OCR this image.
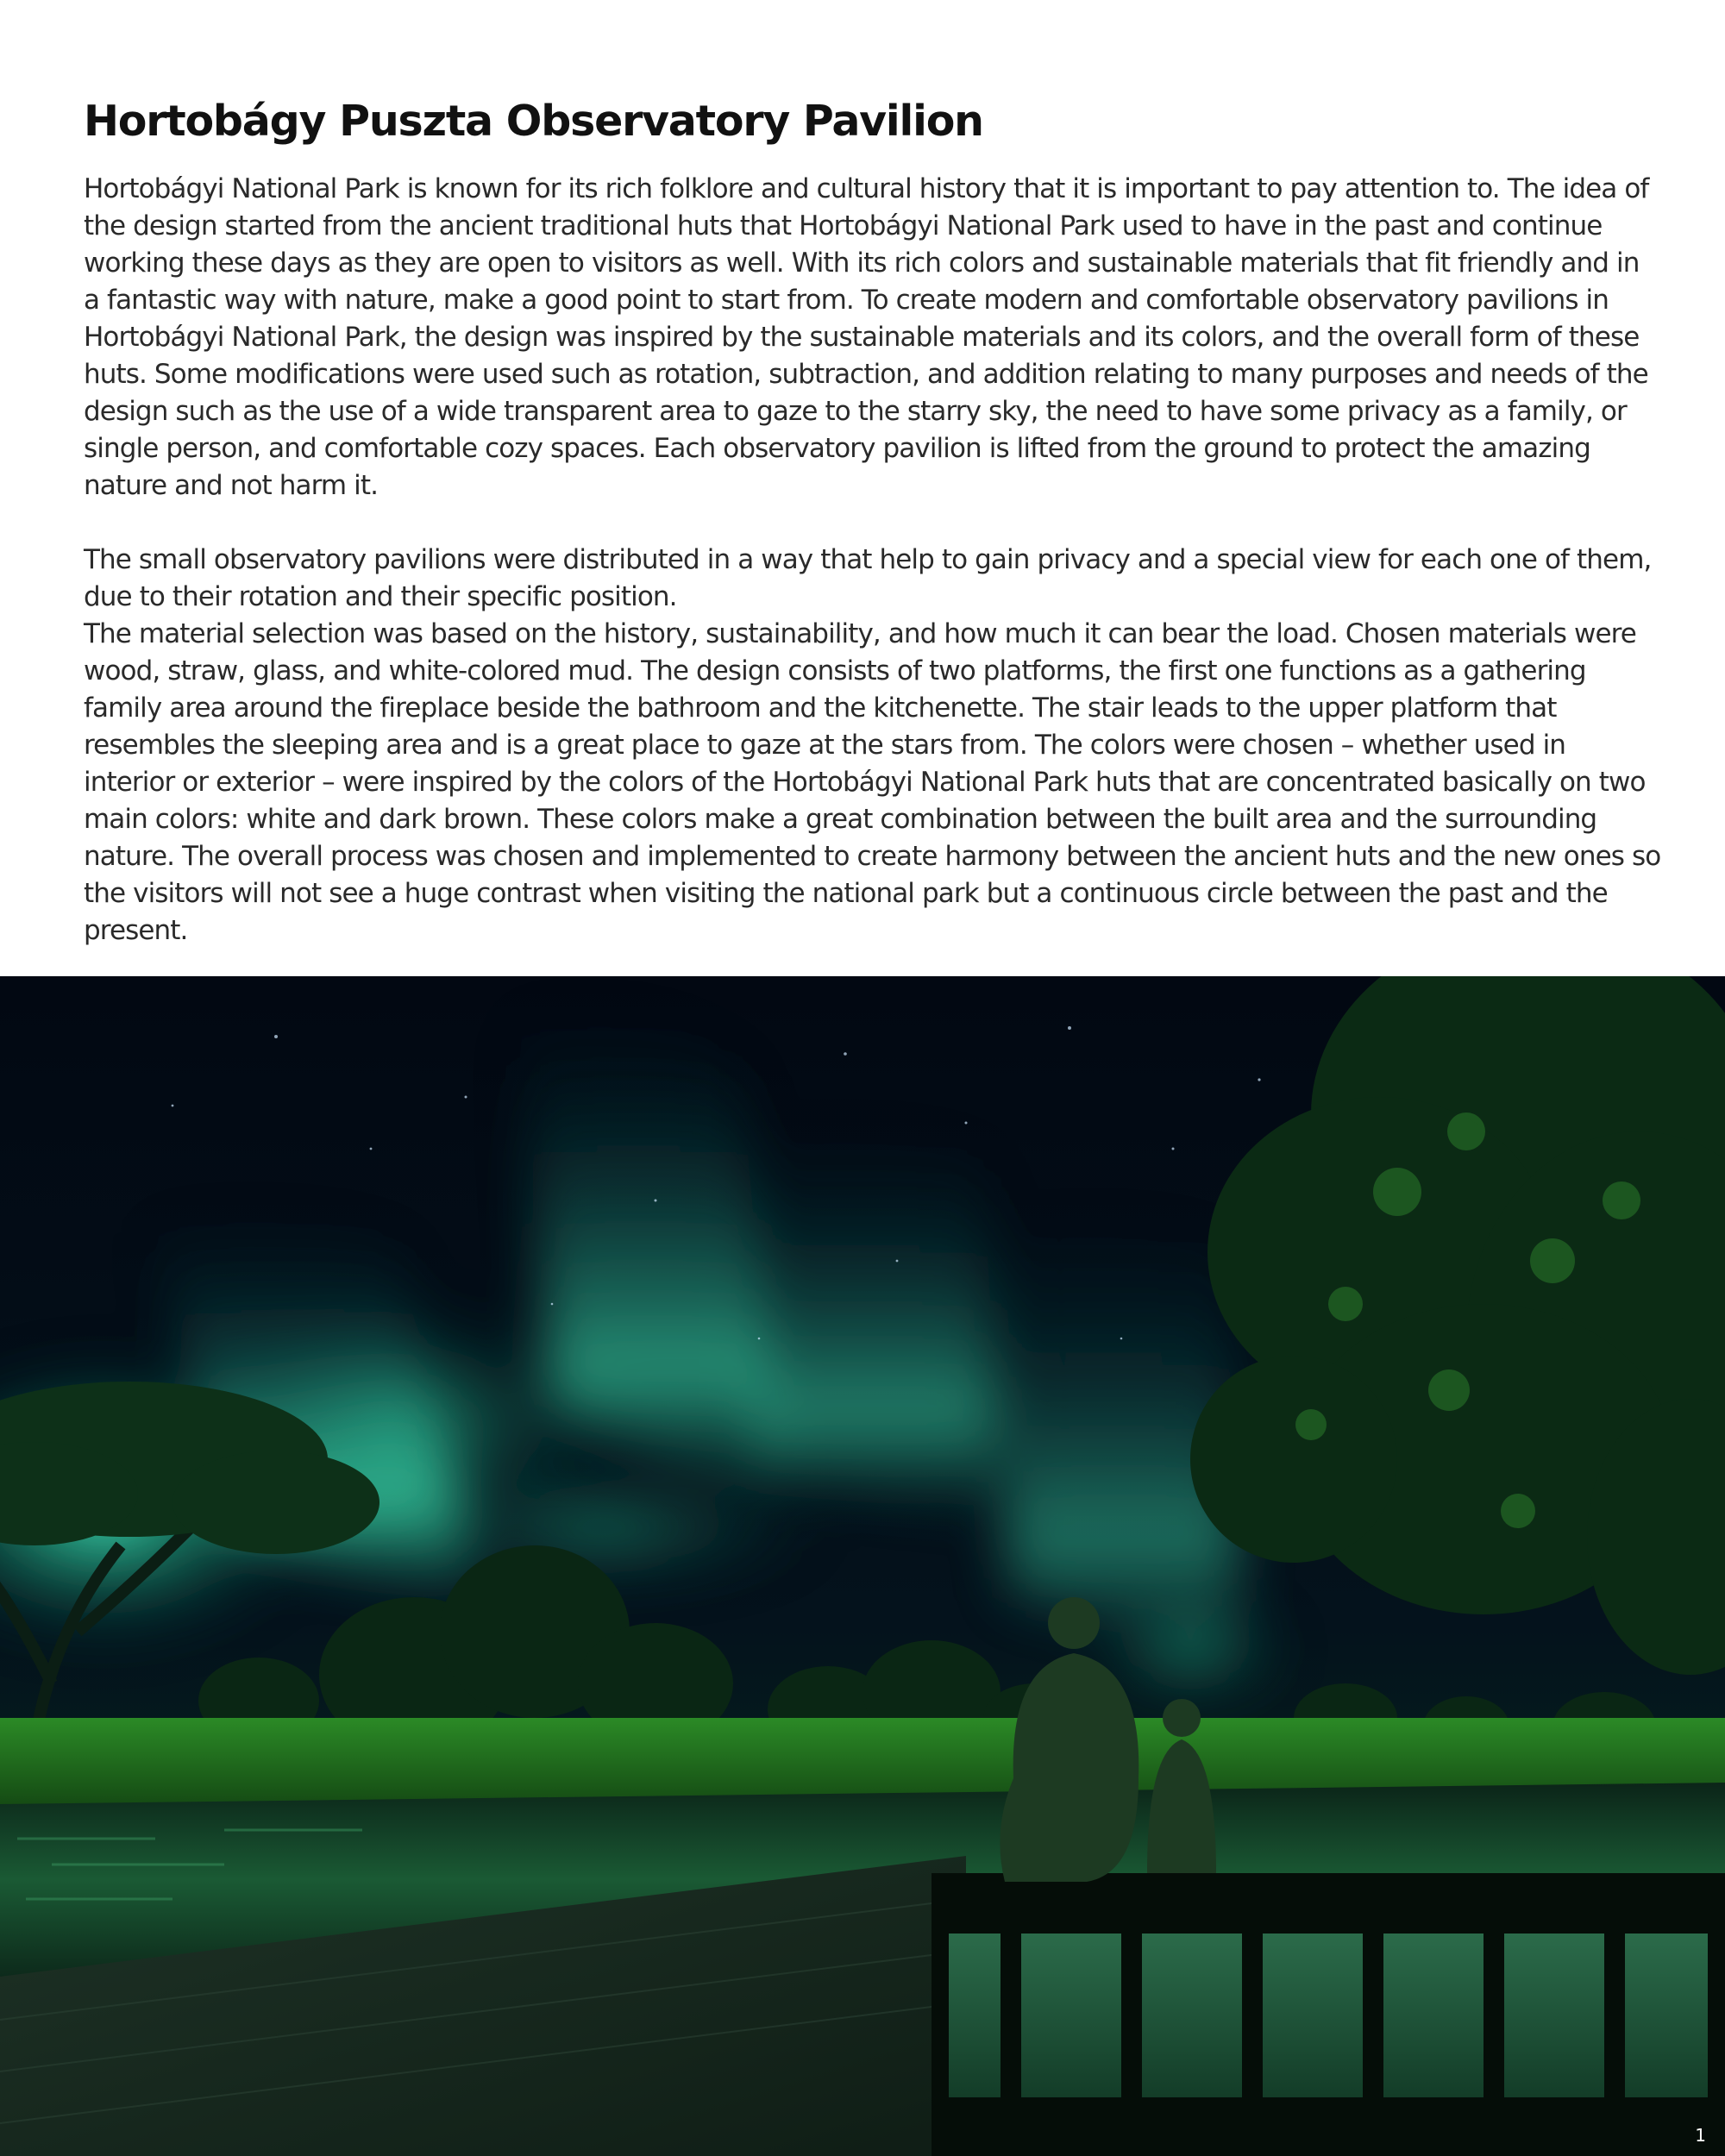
Hortobágy Puszta Observatory Pavilion

Hortobágyi National Park is known for its rich folklore and cultural history that it is important to pay attention to. The idea of the design started from the ancient traditional huts that Hortobágyi National Park used to have in the past and continue working these days as they are open to visitors as well. With its rich colors and sustainable materials that fit friendly and in a fantastic way with nature, make a good point to start from. To create modern and comfortable observatory pavilions in Hortobágyi National Park, the design was inspired by the sustainable materials and its colors, and the overall form of these huts. Some modifications were used such as rotation, subtraction, and addition relating to many purposes and needs of the design such as the use of a wide transparent area to gaze to the starry sky, the need to have some privacy as a family, or single person, and comfortable cozy spaces. Each observatory pavilion is lifted from the ground to protect the amazing nature and not harm it.

The small observatory pavilions were distributed in a way that help to gain privacy and a special view for each one of them, due to their rotation and their specific position.

The material selection was based on the history, sustainability, and how much it can bear the load. Chosen materials were wood, straw, glass, and white-colored mud. The design consists of two platforms, the first one functions as a gathering family area around the fireplace beside the bathroom and the kitchenette. The stair leads to the upper platform that resembles the sleeping area and is a great place to gaze at the stars from. The colors were chosen – whether used in interior or exterior – were inspired by the colors of the Hortobágyi National Park huts that are concentrated basically on two main colors: white and dark brown. These colors make a great combination between the built area and the surrounding nature. The overall process was chosen and implemented to create harmony between the ancient huts and the new ones so the visitors will not see a huge contrast when visiting the national park but a continuous circle between the past and the present.

1
